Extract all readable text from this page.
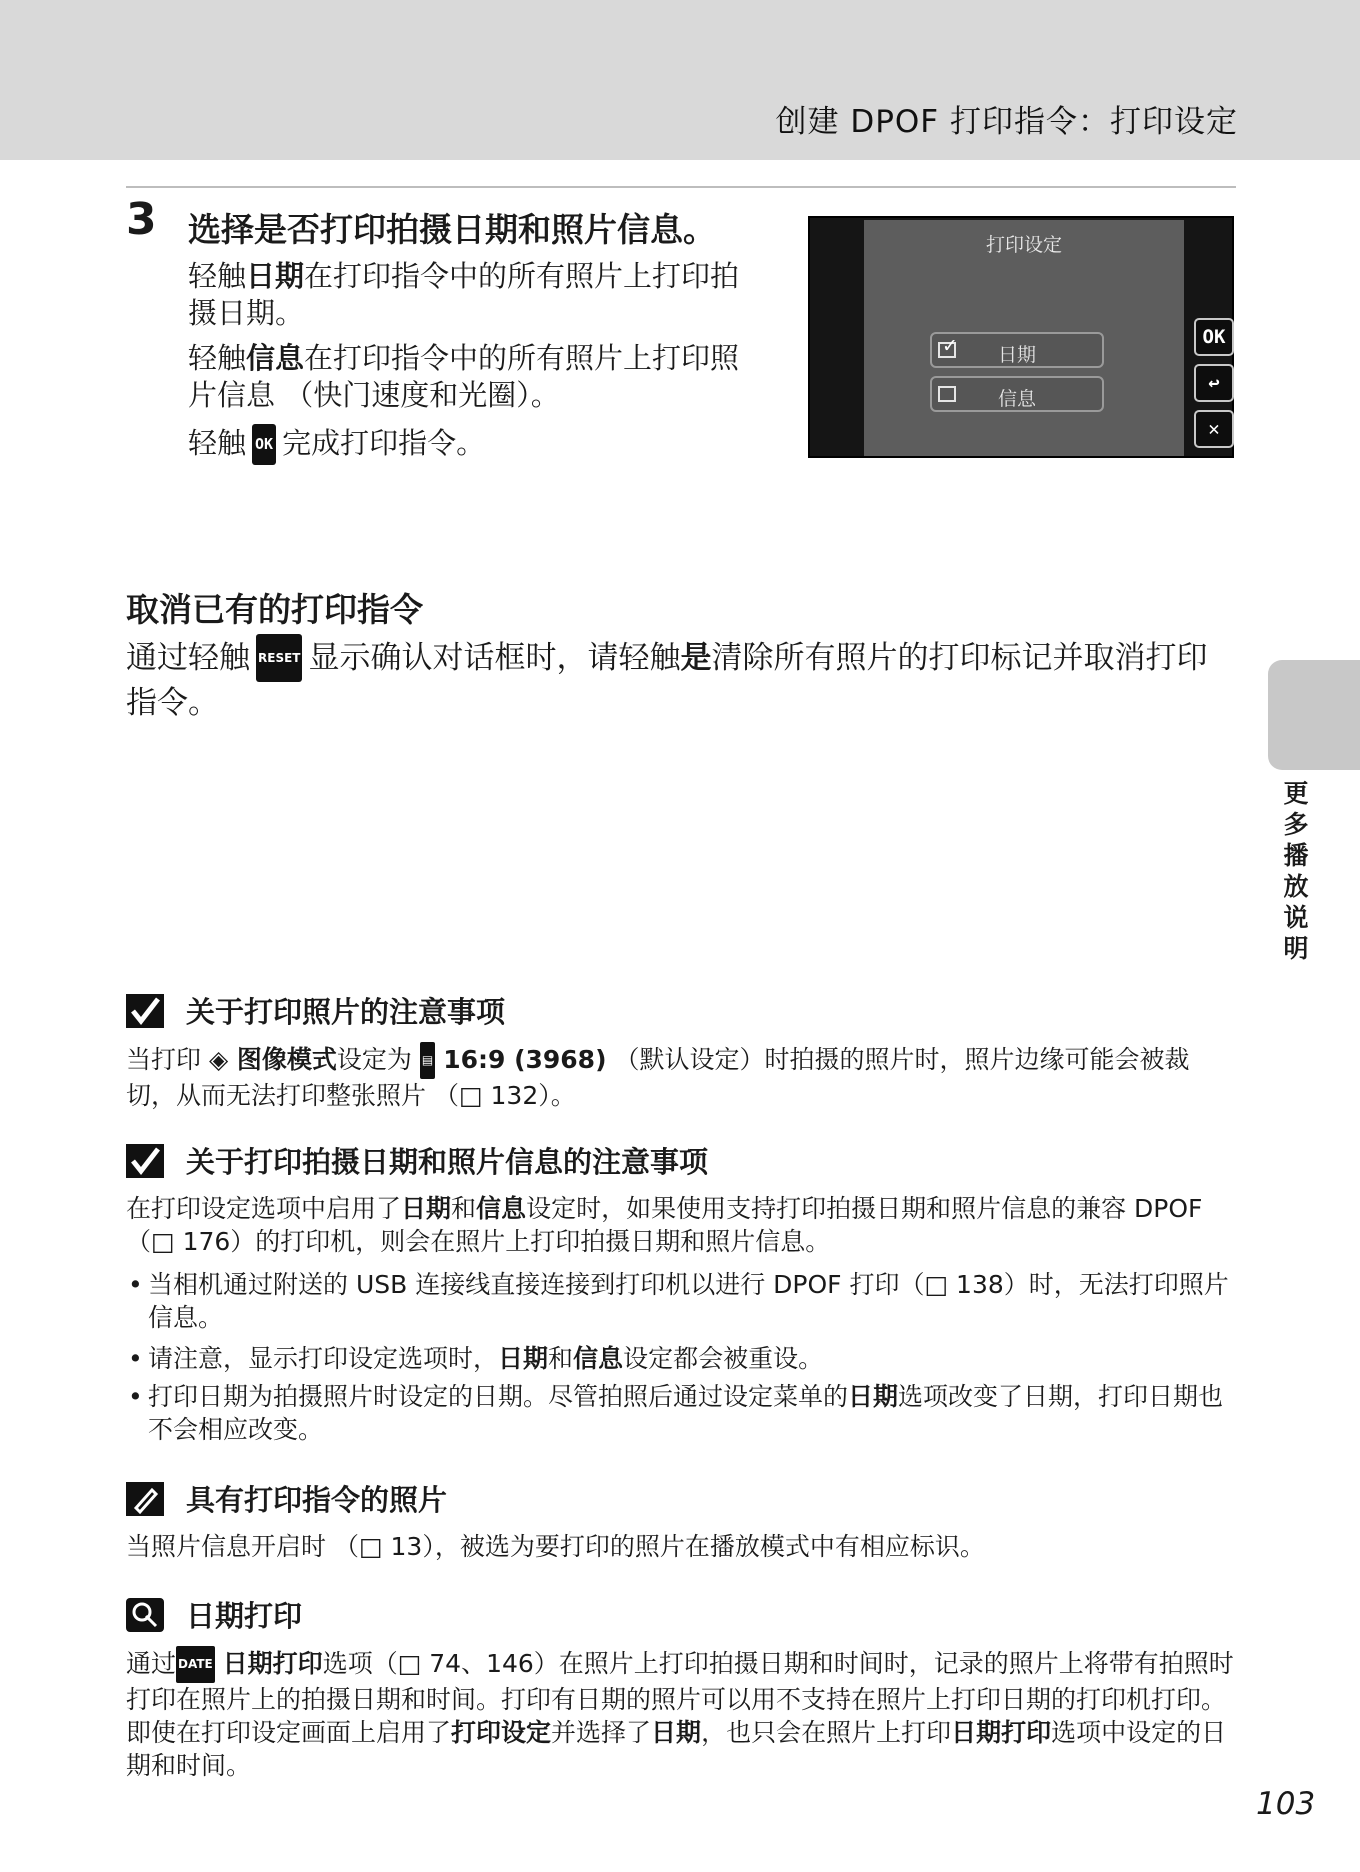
创建 DPOF 打印指令：打印设定
更多播放说明
3 选择是否打印拍摄日期和照片信息。
轻触日期在打印指令中的所有照片上打印拍摄日期。
轻触信息在打印指令中的所有照片上打印照片信息 （快门速度和光圈）。
轻触 OK 完成打印指令。
打印设定
✓	日期
信息
OK
↩
✕
取消已有的打印指令
通过轻触 RESET 显示确认对话框时，请轻触是清除所有照片的打印标记并取消打印指令。
关于打印照片的注意事项
当打印 ◈ 图像模式设定为 ▤ 16:9 (3968) （默认设定）时拍摄的照片时，照片边缘可能会被裁切，从而无法打印整张照片 （□ 132）。
关于打印拍摄日期和照片信息的注意事项
在打印设定选项中启用了日期和信息设定时，如果使用支持打印拍摄日期和照片信息的兼容 DPOF （□ 176）的打印机，则会在照片上打印拍摄日期和照片信息。
• 当相机通过附送的 USB 连接线直接连接到打印机以进行 DPOF 打印（□ 138）时，无法打印照片信息。
• 请注意，显示打印设定选项时，日期和信息设定都会被重设。
• 打印日期为拍摄照片时设定的日期。尽管拍照后通过设定菜单的日期选项改变了日期，打印日期也不会相应改变。
具有打印指令的照片
当照片信息开启时 （□ 13），被选为要打印的照片在播放模式中有相应标识。
日期打印
通过 DATE 日期打印选项（□ 74、146）在照片上打印拍摄日期和时间时，记录的照片上将带有拍照时打印在照片上的拍摄日期和时间。打印有日期的照片可以用不支持在照片上打印日期的打印机打印。即使在打印设定画面上启用了打印设定并选择了日期，也只会在照片上打印日期打印选项中设定的日期和时间。
103
